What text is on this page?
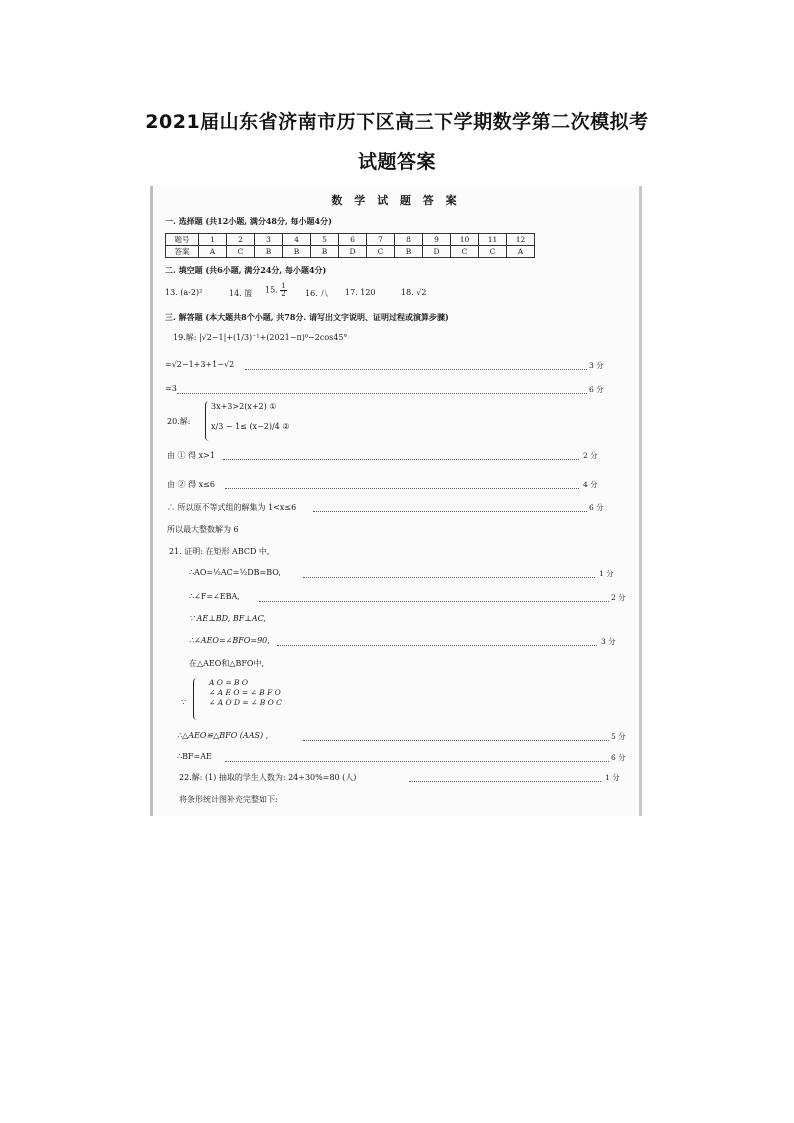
2021届山东省济南市历下区高三下学期数学第二次模拟考
试题答案
数 学 试 题 答 案
一. 选择题 (共12小题, 满分48分, 每小题4分)
题号	1	2	3	4	5	6	7	8	9	10	11	12
答案	A	C	B	B	B	D	C	B	D	C	C	A
二. 填空题 (共6小题, 满分24分, 每小题4分)
13. (a-2)²	14. 篮 15. $\frac{1}{2} 16$. 八 17. 120	18. √2
三. 解答题 (本大题共8个小题, 共78分. 请写出文字说明、证明过程或演算步骤)
19.解: |√2−1|+(1/3)⁻¹+(2021−π)⁰−2cos45°
=√2−1+3+1−√2	3 分
=3	6 分
20.解:
3x+3>2(x+2) ①
x/3 − 1≤ (x−2)/4 ②
由 ① 得 x>1	2 分
由 ② 得 x≤6	4 分
∴ 所以原不等式组的解集为 1<x≤6	6 分
所以最大整数解为 6
21. 证明: 在矩形 ABCD 中,
∴AO=½AC=½DB=BO,	1 分
∴∠F=∠EBA,	2 分
∵ AE⊥BD, BF⊥AC,
∴∠AEO=∠BFO=90,	3 分
在△AEO和△BFO中,
∵
A O = B O
∠ A E O = ∠ B F O
∠ A O D = ∠ B O C
∴△AEO≌△BFO (AAS) ,	5 分
∴BF=AE	6 分
22.解: (1) 抽取的学生人数为: 24÷30%=80 (人)	1 分
将条形统计图补充完整如下:
